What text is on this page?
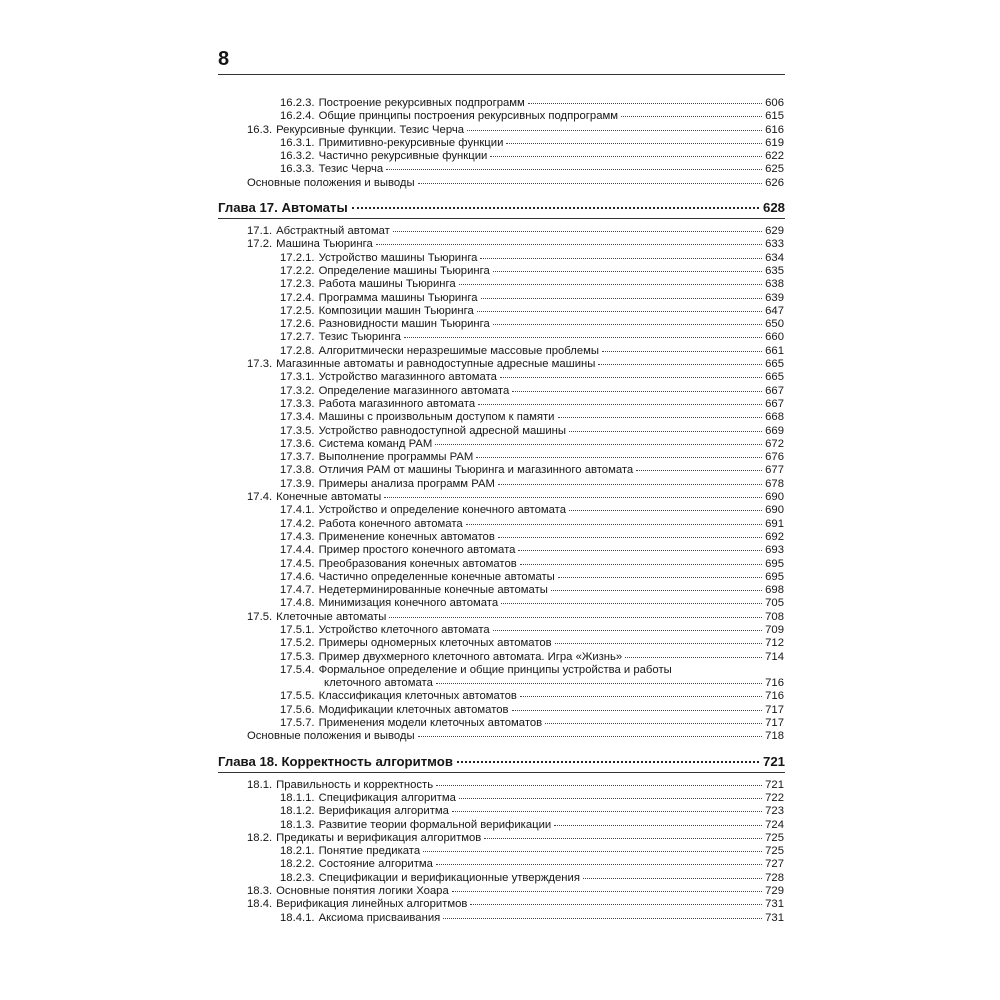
8
16.2.3. Построение рекурсивных подпрограмм	606
16.2.4. Общие принципы построения рекурсивных подпрограмм	615
16.3. Рекурсивные функции. Тезис Черча	616
16.3.1. Примитивно-рекурсивные функции	619
16.3.2. Частично рекурсивные функции	622
16.3.3. Тезис Черча	625
Основные положения и выводы	626
Глава 17. Автоматы	628
17.1. Абстрактный автомат	629
17.2. Машина Тьюринга	633
17.2.1. Устройство машины Тьюринга	634
17.2.2. Определение машины Тьюринга	635
17.2.3. Работа машины Тьюринга	638
17.2.4. Программа машины Тьюринга	639
17.2.5. Композиции машин Тьюринга	647
17.2.6. Разновидности машин Тьюринга	650
17.2.7. Тезис Тьюринга	660
17.2.8. Алгоритмически неразрешимые массовые проблемы	661
17.3. Магазинные автоматы и равнодоступные адресные машины	665
17.3.1. Устройство магазинного автомата	665
17.3.2. Определение магазинного автомата	667
17.3.3. Работа магазинного автомата	667
17.3.4. Машины с произвольным доступом к памяти	668
17.3.5. Устройство равнодоступной адресной машины	669
17.3.6. Система команд РАМ	672
17.3.7. Выполнение программы РАМ	676
17.3.8. Отличия РАМ от машины Тьюринга и магазинного автомата	677
17.3.9. Примеры анализа программ РАМ	678
17.4. Конечные автоматы	690
17.4.1. Устройство и определение конечного автомата	690
17.4.2. Работа конечного автомата	691
17.4.3. Применение конечных автоматов	692
17.4.4. Пример простого конечного автомата	693
17.4.5. Преобразования конечных автоматов	695
17.4.6. Частично определенные конечные автоматы	695
17.4.7. Недетерминированные конечные автоматы	698
17.4.8. Минимизация конечного автомата	705
17.5. Клеточные автоматы	708
17.5.1. Устройство клеточного автомата	709
17.5.2. Примеры одномерных клеточных автоматов	712
17.5.3. Пример двухмерного клеточного автомата. Игра «Жизнь»	714
17.5.4. Формальное определение и общие принципы устройства и работы
клеточного автомата	716
17.5.5. Классификация клеточных автоматов	716
17.5.6. Модификации клеточных автоматов	717
17.5.7. Применения модели клеточных автоматов	717
Основные положения и выводы	718
Глава 18. Корректность алгоритмов	721
18.1. Правильность и корректность	721
18.1.1. Спецификация алгоритма	722
18.1.2. Верификация алгоритма	723
18.1.3. Развитие теории формальной верификации	724
18.2. Предикаты и верификация алгоритмов	725
18.2.1. Понятие предиката	725
18.2.2. Состояние алгоритма	727
18.2.3. Спецификации и верификационные утверждения	728
18.3. Основные понятия логики Хоара	729
18.4. Верификация линейных алгоритмов	731
18.4.1. Аксиома присваивания	731
